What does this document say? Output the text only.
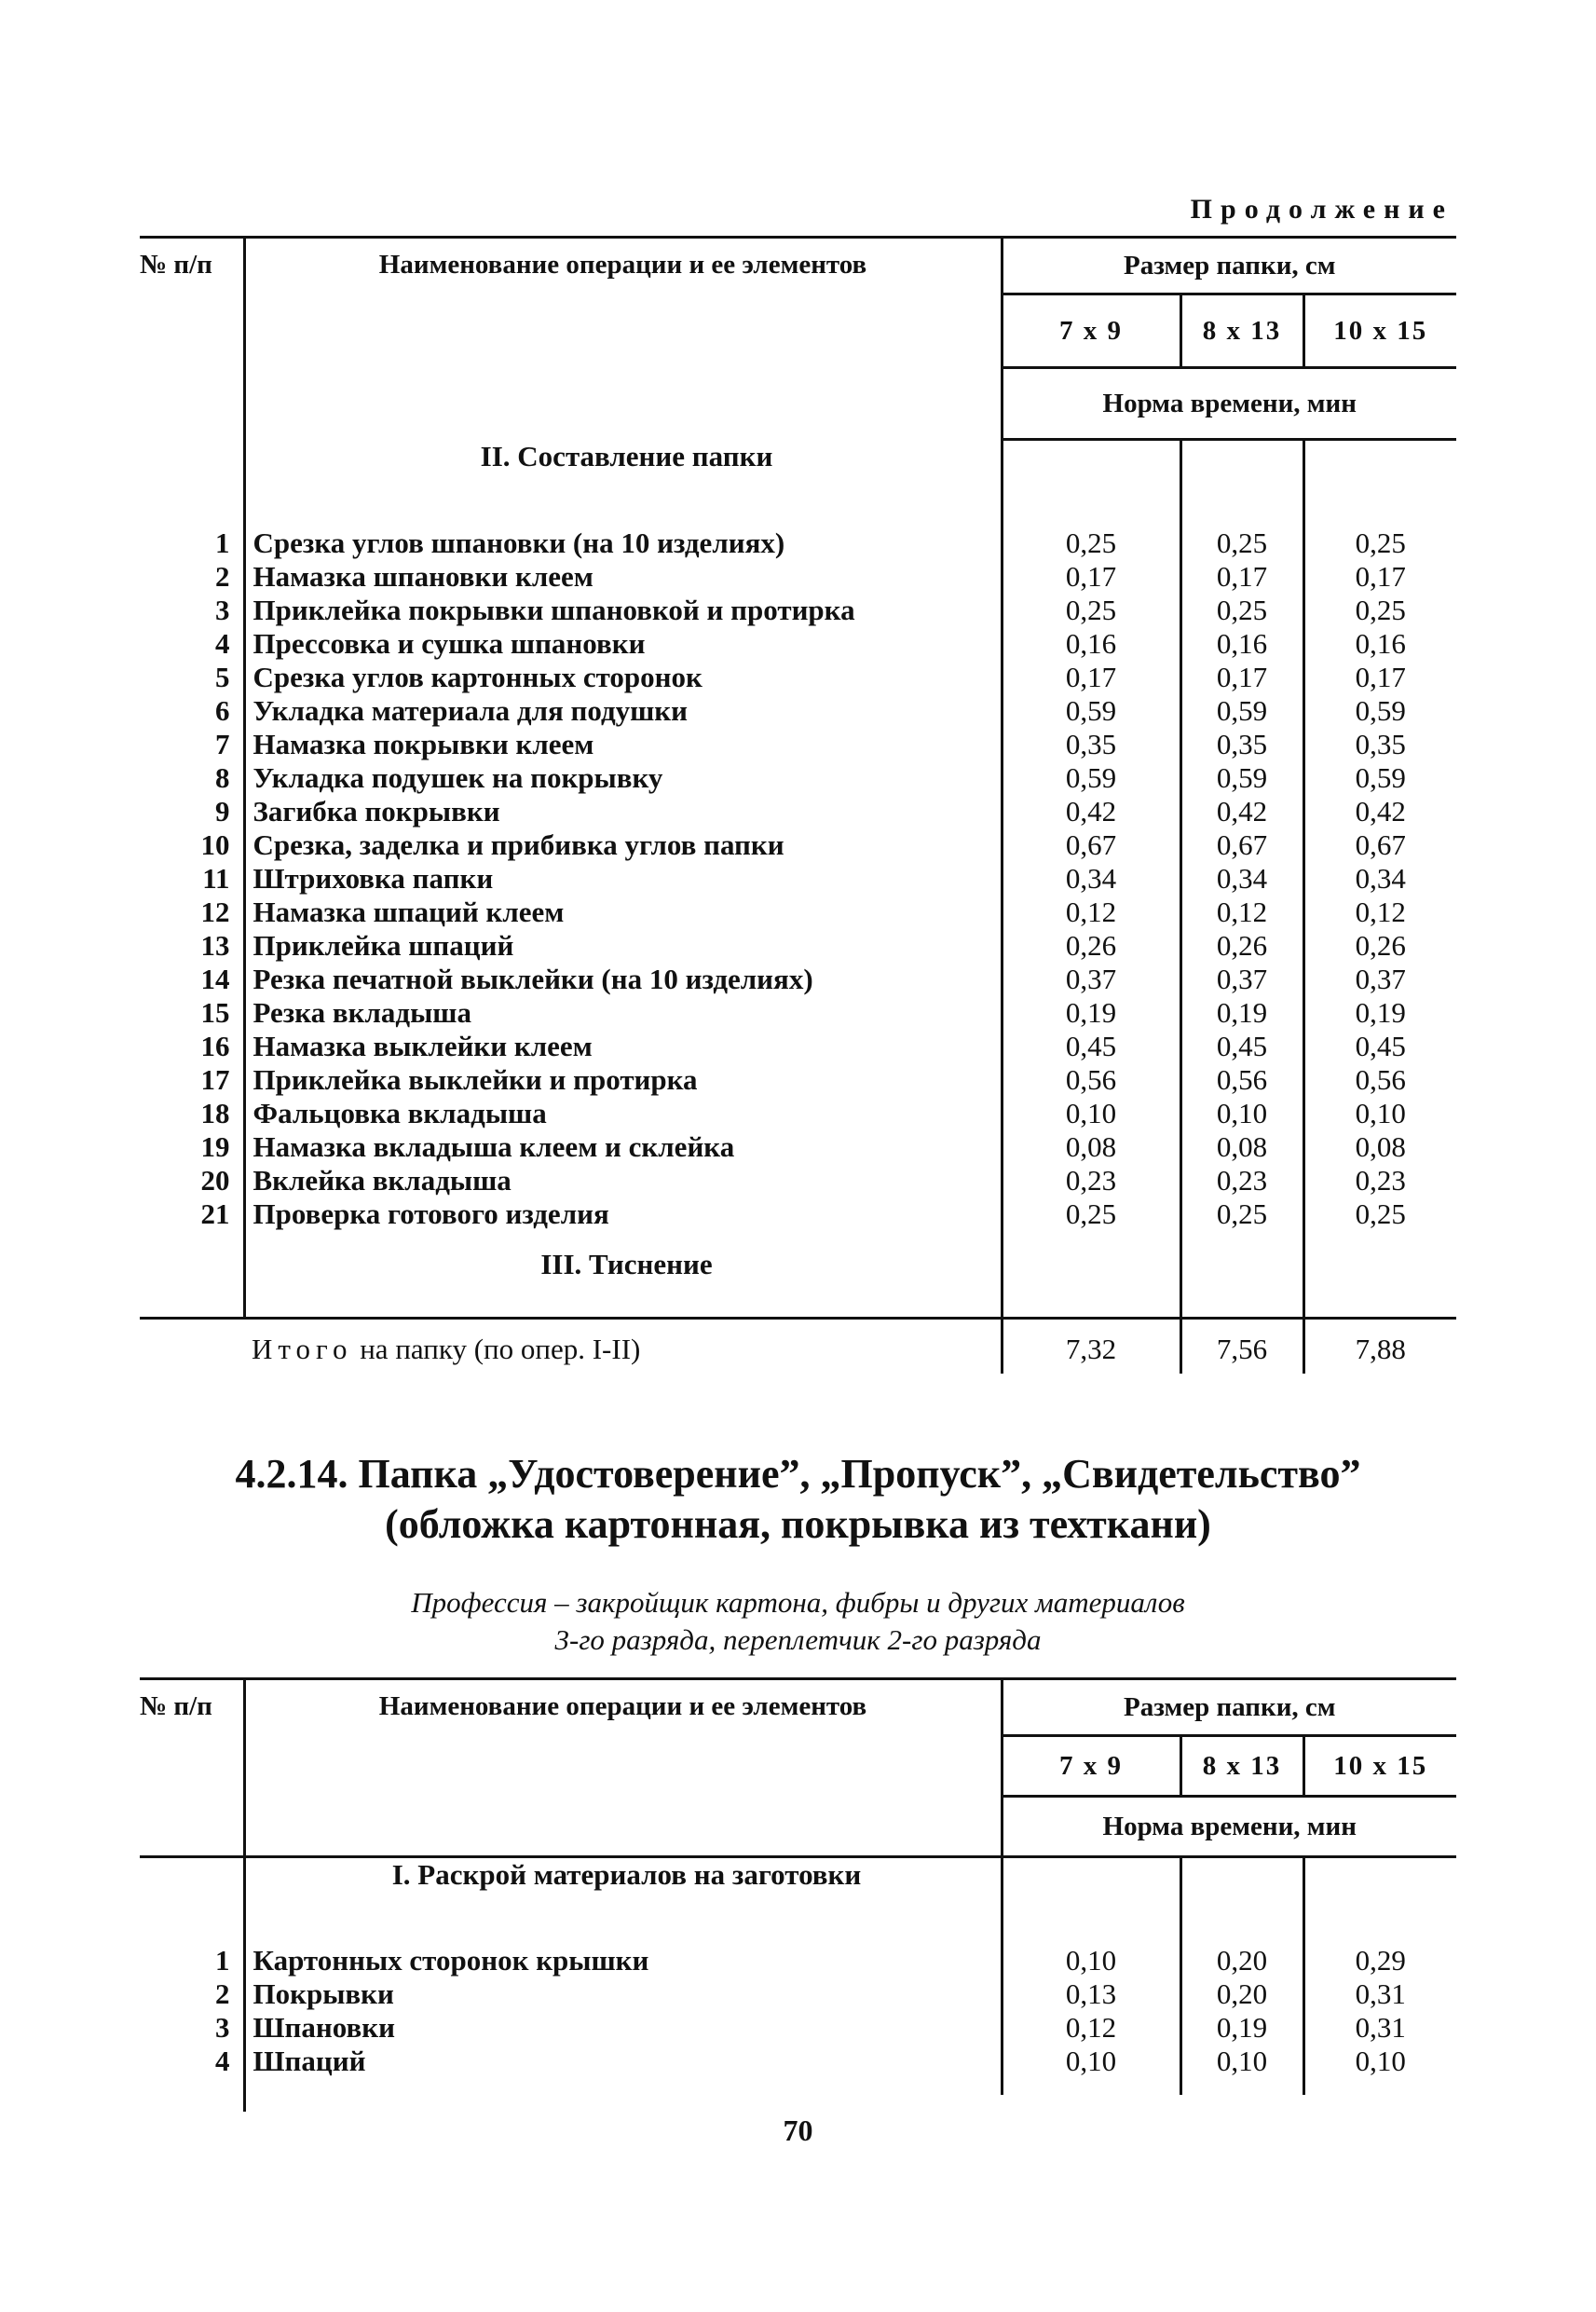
Продолжение
№ п/п	Наименование операции и ее элементов	Размер папки, см		
		7 x 9	8 x 13	10 x 15
		Норма времени, мин		
	II. Составление папки			

1	Срезка углов шпановки (на 10 изделиях)	0,25	0,25	0,25
2	Намазка шпановки клеем	0,17	0,17	0,17
3	Приклейка покрывки шпановкой и протирка	0,25	0,25	0,25
4	Прессовка и сушка шпановки	0,16	0,16	0,16
5	Срезка углов картонных сторонок	0,17	0,17	0,17
6	Укладка материала для подушки	0,59	0,59	0,59
7	Намазка покрывки клеем	0,35	0,35	0,35
8	Укладка подушек на покрывку	0,59	0,59	0,59
9	Загибка покрывки	0,42	0,42	0,42
10	Срезка, заделка и прибивка углов папки	0,67	0,67	0,67
11	Штриховка папки	0,34	0,34	0,34
12	Намазка шпаций клеем	0,12	0,12	0,12
13	Приклейка шпаций	0,26	0,26	0,26
14	Резка печатной выклейки (на 10 изделиях)	0,37	0,37	0,37
15	Резка вкладыша	0,19	0,19	0,19
16	Намазка выклейки клеем	0,45	0,45	0,45
17	Приклейка выклейки и протирка	0,56	0,56	0,56
18	Фальцовка вкладыша	0,10	0,10	0,10
19	Намазка вкладыша клеем и склейка	0,08	0,08	0,08
20	Вклейка вкладыша	0,23	0,23	0,23
21	Проверка готового изделия	0,25	0,25	0,25

	III. Тиснение			
	Итого на папку (по опер. I-II)	7,32	7,56	7,88
4.2.14. Папка „Удостоверение”, „Пропуск”, „Свидетельство”
(обложка картонная, покрывка из техткани)
Профессия – закройщик картона, фибры и других материалов
3-го разряда, переплетчик 2-го разряда
№ п/п	Наименование операции и ее элементов	Размер папки, см		
		7 x 9	8 x 13	10 x 15
		Норма времени, мин		
	I. Раскрой материалов на заготовки			

1	Картонных сторонок крышки	0,10	0,20	0,29
2	Покрывки	0,13	0,20	0,31
3	Шпановки	0,12	0,19	0,31
4	Шпаций	0,10	0,10	0,10

70
